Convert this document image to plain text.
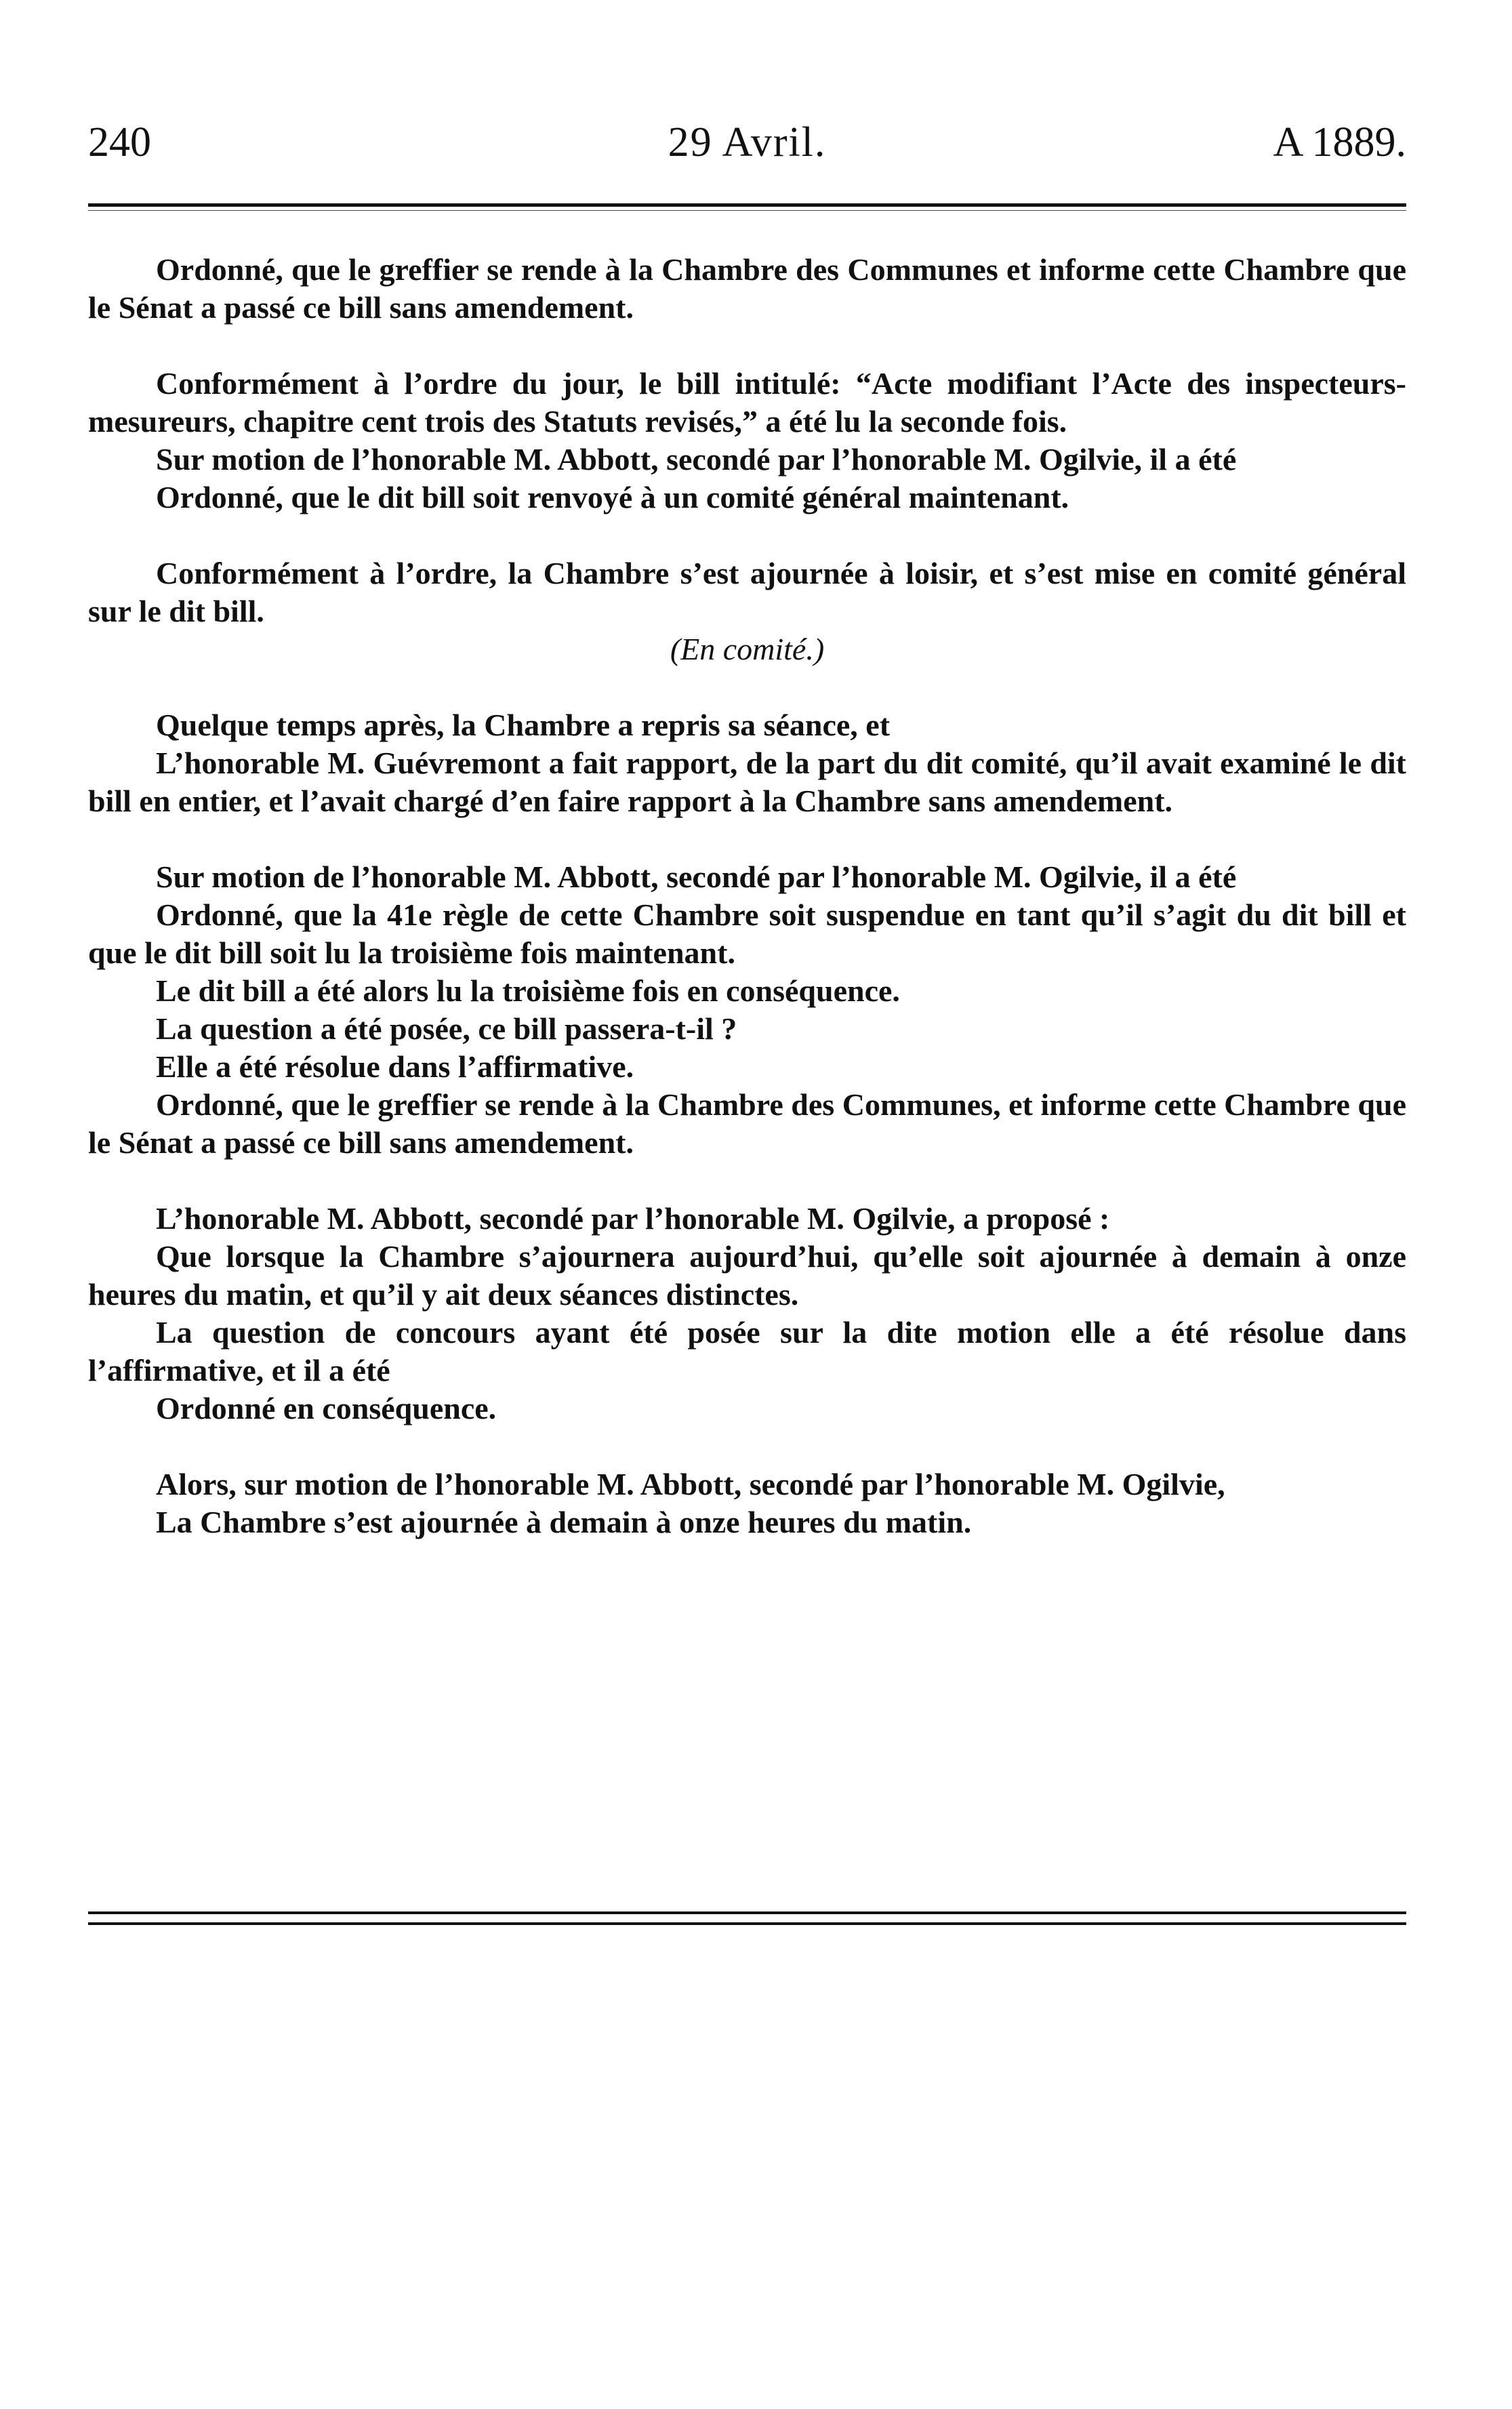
240	29 Avril.	A 1889.

Ordonné, que le greffier se rende à la Chambre des Communes et informe cette Chambre que le Sénat a passé ce bill sans amendement.

Conformément à l’ordre du jour, le bill intitulé: “Acte modifiant l’Acte des inspecteurs-mesureurs, chapitre cent trois des Statuts revisés,” a été lu la seconde fois.

Sur motion de l’honorable M. Abbott, secondé par l’honorable M. Ogilvie, il a été

Ordonné, que le dit bill soit renvoyé à un comité général maintenant.

Conformément à l’ordre, la Chambre s’est ajournée à loisir, et s’est mise en comité général sur le dit bill.

(En comité.)

Quelque temps après, la Chambre a repris sa séance, et

L’honorable M. Guévremont a fait rapport, de la part du dit comité, qu’il avait examiné le dit bill en entier, et l’avait chargé d’en faire rapport à la Chambre sans amendement.

Sur motion de l’honorable M. Abbott, secondé par l’honorable M. Ogilvie, il a été

Ordonné, que la 41e règle de cette Chambre soit suspendue en tant qu’il s’agit du dit bill et que le dit bill soit lu la troisième fois maintenant.

Le dit bill a été alors lu la troisième fois en conséquence.

La question a été posée, ce bill passera-t-il ?

Elle a été résolue dans l’affirmative.

Ordonné, que le greffier se rende à la Chambre des Communes, et informe cette Chambre que le Sénat a passé ce bill sans amendement.

L’honorable M. Abbott, secondé par l’honorable M. Ogilvie, a proposé :

Que lorsque la Chambre s’ajournera aujourd’hui, qu’elle soit ajournée à demain à onze heures du matin, et qu’il y ait deux séances distinctes.

La question de concours ayant été posée sur la dite motion elle a été résolue dans l’affirmative, et il a été

Ordonné en conséquence.

Alors, sur motion de l’honorable M. Abbott, secondé par l’honorable M. Ogilvie,

La Chambre s’est ajournée à demain à onze heures du matin.
